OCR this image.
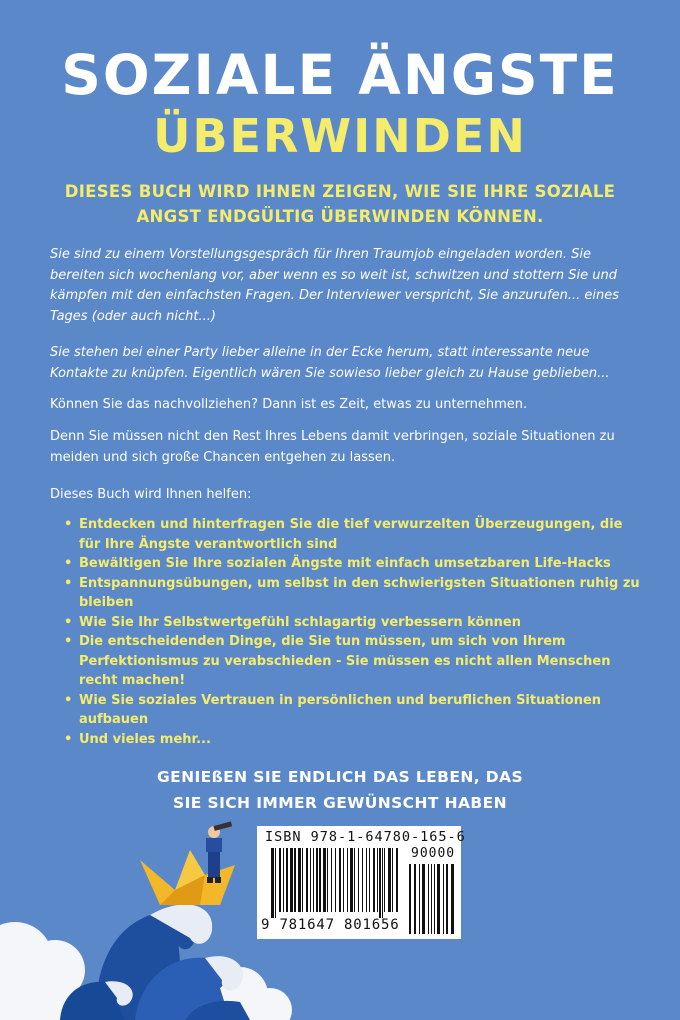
SOZIALE ÄNGSTE
ÜBERWINDEN
DIESES BUCH WIRD IHNEN ZEIGEN, WIE SIE IHRE SOZIALE ANGST ENDGÜLTIG ÜBERWINDEN KÖNNEN.

Sie sind zu einem Vorstellungsgespräch für Ihren Traumjob eingeladen worden. Sie bereiten sich wochenlang vor, aber wenn es so weit ist, schwitzen und stottern Sie und kämpfen mit den einfachsten Fragen. Der Interviewer verspricht, Sie anzurufen... eines Tages (oder auch nicht...)

Sie stehen bei einer Party lieber alleine in der Ecke herum, statt interessante neue Kontakte zu knüpfen. Eigentlich wären Sie sowieso lieber gleich zu Hause geblieben...

Können Sie das nachvollziehen? Dann ist es Zeit, etwas zu unternehmen.

Denn Sie müssen nicht den Rest Ihres Lebens damit verbringen, soziale Situationen zu meiden und sich große Chancen entgehen zu lassen.

Dieses Buch wird Ihnen helfen:

• Entdecken und hinterfragen Sie die tief verwurzelten Überzeugungen, die für Ihre Ängste verantwortlich sind
• Bewältigen Sie Ihre sozialen Ängste mit einfach umsetzbaren Life-Hacks
• Entspannungsübungen, um selbst in den schwierigsten Situationen ruhig zu bleiben
• Wie Sie Ihr Selbstwertgefühl schlagartig verbessern können
• Die entscheidenden Dinge, die Sie tun müssen, um sich von Ihrem Perfektionismus zu verabschieden - Sie müssen es nicht allen Menschen recht machen!
• Wie Sie soziales Vertrauen in persönlichen und beruflichen Situationen aufbauen
• Und vieles mehr...
GENIEßEN SIE ENDLICH DAS LEBEN, DAS
SIE SICH IMMER GEWÜNSCHT HABEN
ISBN 978-1-64780-165-6
90000
9 781647 801656
